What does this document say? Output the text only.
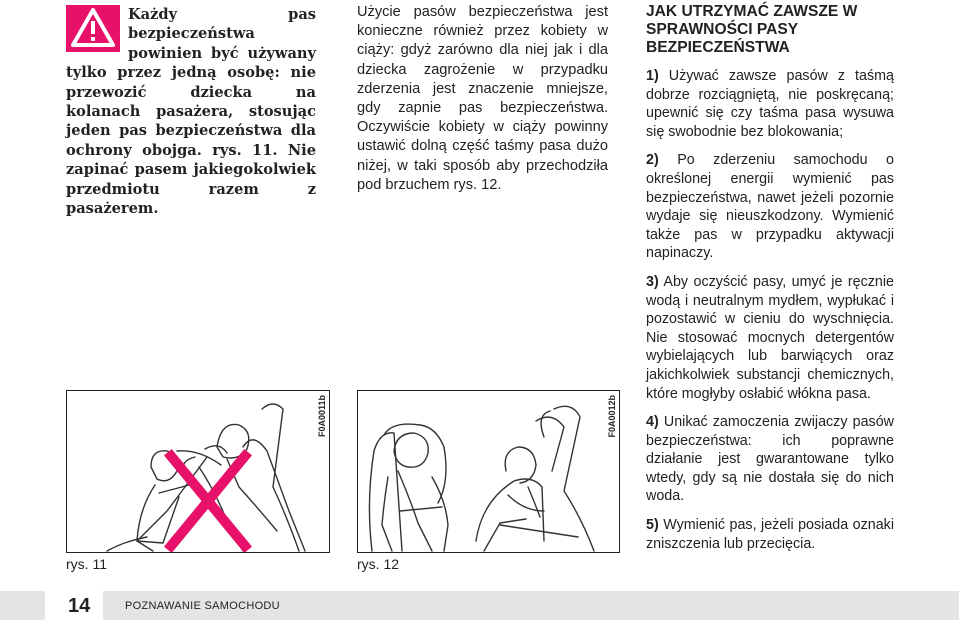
Każdy pas bezpieczeństwa powinien być używany tylko przez jedną osobę: nie przewozić dziecka na kolanach pasażera, stosując jeden pas bezpieczeństwa dla ochrony obojga. rys. 11. Nie zapinać pasem jakiegokolwiek przedmiotu razem z pasażerem.

Użycie pasów bezpieczeństwa jest konieczne również przez kobiety w ciąży: gdyż zarówno dla niej jak i dla dziecka zagrożenie w przypadku zderzenia jest znaczenie mniejsze, gdy zapnie pas bezpieczeństwa. Oczywiście kobiety w ciąży powinny ustawić dolną część taśmy pasa dużo niżej, w taki sposób aby przechodziła pod brzuchem rys. 12.

JAK UTRZYMAĆ ZAWSZE W SPRAWNOŚCI PASY BEZPIECZEŃSTWA

1) Używać zawsze pasów z taśmą dobrze rozciągniętą, nie poskręcaną; upewnić się czy taśma pasa wysuwa się swobodnie bez blokowania;

2) Po zderzeniu samochodu o określonej energii wymienić pas bezpieczeństwa, nawet jeżeli pozornie wydaje się nieuszkodzony. Wymienić także pas w przypadku aktywacji napinaczy.

3) Aby oczyścić pasy, umyć je ręcznie wodą i neutralnym mydłem, wypłukać i pozostawić w cieniu do wyschnięcia. Nie stosować mocnych detergentów wybielających lub barwiących oraz jakichkolwiek substancji chemicznych, które mogłyby osłabić włókna pasa.

4) Unikać zamoczenia zwijaczy pasów bezpieczeństwa: ich poprawne działanie jest gwarantowane tylko wtedy, gdy są nie dostała się do nich woda.

5) Wymienić pas, jeżeli posiada oznaki zniszczenia lub przecięcia.

F0A0011b	F0A0012b
rys. 11	rys. 12
14	POZNAWANIE SAMOCHODU
